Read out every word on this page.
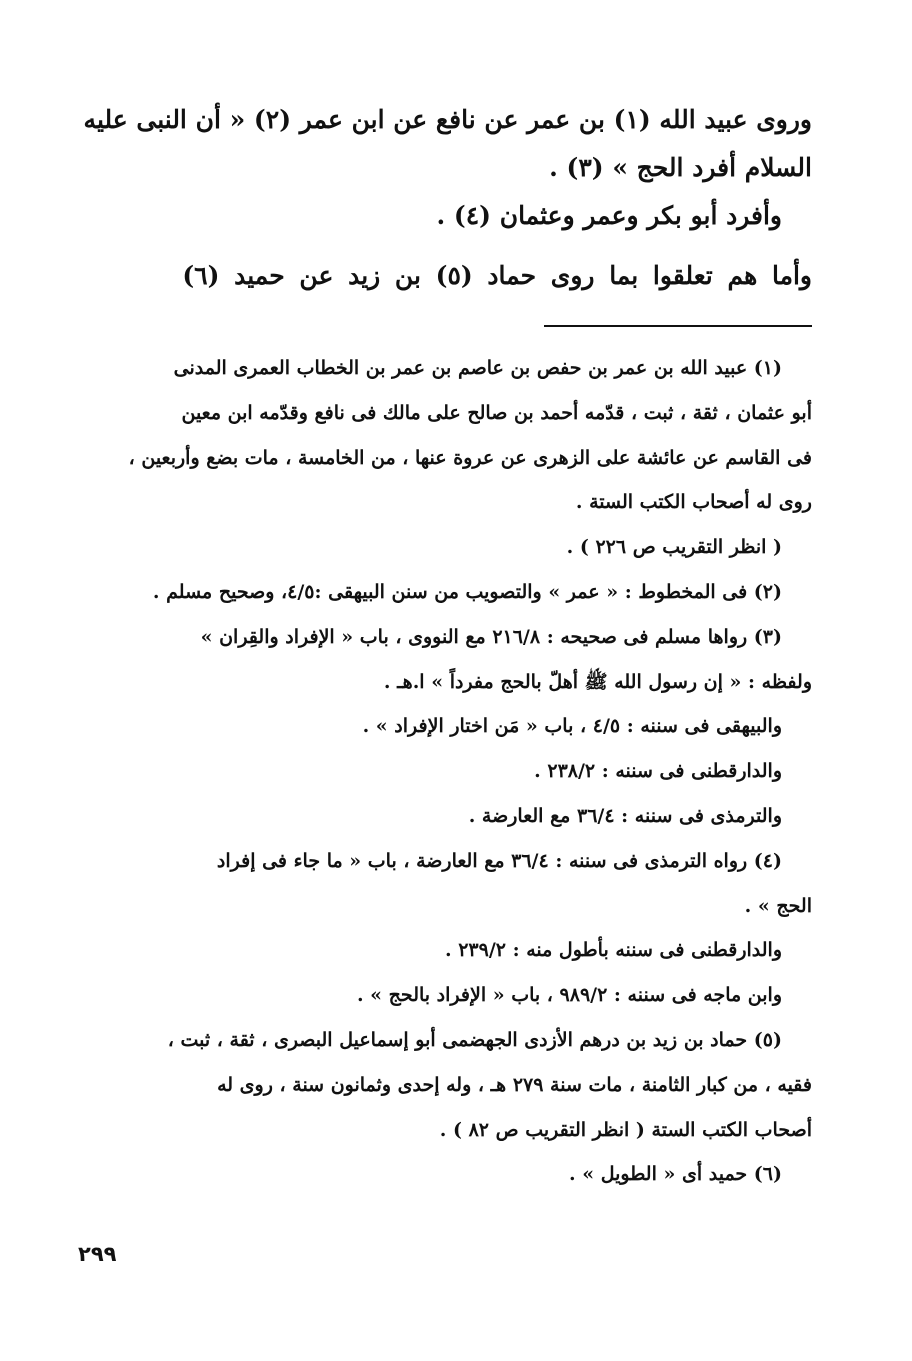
وروى عبيد الله (١) بن عمر عن نافع عن ابن عمر (٢) « أن النبى عليه

السلام أفرد الحج » (٣) .

وأفرد أبو بكر وعمر وعثمان (٤) .

وأما هم تعلقوا بما روى حماد (٥) بن زيد عن حميد (٦)

(١) عبيد الله بن عمر بن حفص بن عاصم بن عمر بن الخطاب العمرى المدنى

أبو عثمان ، ثقة ، ثبت ، قدّمه أحمد بن صالح على مالك فى نافع وقدّمه ابن معين

فى القاسم عن عائشة على الزهرى عن عروة عنها ، من الخامسة ، مات بضع وأربعين ،

روى له أصحاب الكتب الستة .

( انظر التقريب ص ٢٢٦ ) .

(٢) فى المخطوط : « عمر » والتصويب من سنن البيهقى :٤/٥، وصحيح مسلم .

(٣) رواها مسلم فى صحيحه : ٢١٦/٨ مع النووى ، باب « الإفراد والقِران »

ولفظه : « إن رسول الله ﷺ أهلّ بالحج مفرداً » ا.هـ .

والبيهقى فى سننه : ٤/٥ ، باب « مَن اختار الإفراد » .

والدارقطنى فى سننه : ٢٣٨/٢ .

والترمذى فى سننه : ٣٦/٤ مع العارضة .

(٤) رواه الترمذى فى سننه : ٣٦/٤ مع العارضة ، باب « ما جاء فى إفراد

الحج » .

والدارقطنى فى سننه بأطول منه : ٢٣٩/٢ .

وابن ماجه فى سننه : ٩٨٩/٢ ، باب « الإفراد بالحج » .

(٥) حماد بن زيد بن درهم الأزدى الجهضمى أبو إسماعيل البصرى ، ثقة ، ثبت ،

فقيه ، من كبار الثامنة ، مات سنة ٢٧٩ هـ ، وله إحدى وثمانون سنة ، روى له

أصحاب الكتب الستة ( انظر التقريب ص ٨٢ ) .

(٦) حميد أى « الطويل » .

٢٩٩
